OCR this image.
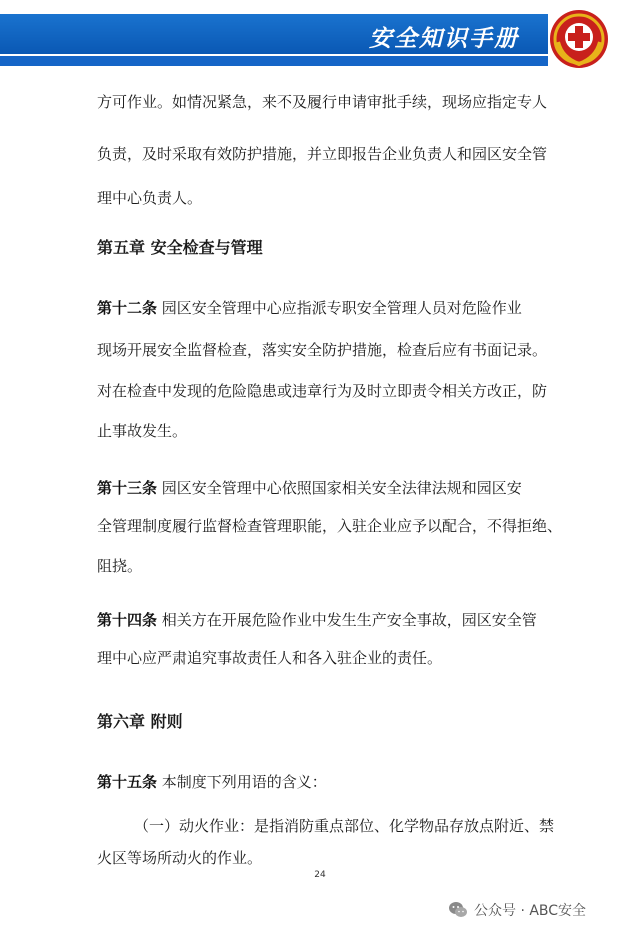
安全知识手册
方可作业。如情况紧急，来不及履行申请审批手续，现场应指定专人
负责，及时采取有效防护措施，并立即报告企业负责人和园区安全管
理中心负责人。
第五章 安全检查与管理
第十二条 园区安全管理中心应指派专职安全管理人员对危险作业
现场开展安全监督检查，落实安全防护措施，检查后应有书面记录。
对在检查中发现的危险隐患或违章行为及时立即责令相关方改正，防
止事故发生。
第十三条 园区安全管理中心依照国家相关安全法律法规和园区安
全管理制度履行监督检查管理职能，入驻企业应予以配合，不得拒绝、
阻挠。
第十四条 相关方在开展危险作业中发生生产安全事故，园区安全管
理中心应严肃追究事故责任人和各入驻企业的责任。
第六章 附则
第十五条 本制度下列用语的含义：
（一）动火作业：是指消防重点部位、化学物品存放点附近、禁
火区等场所动火的作业。
24
公众号 · ABC安全
